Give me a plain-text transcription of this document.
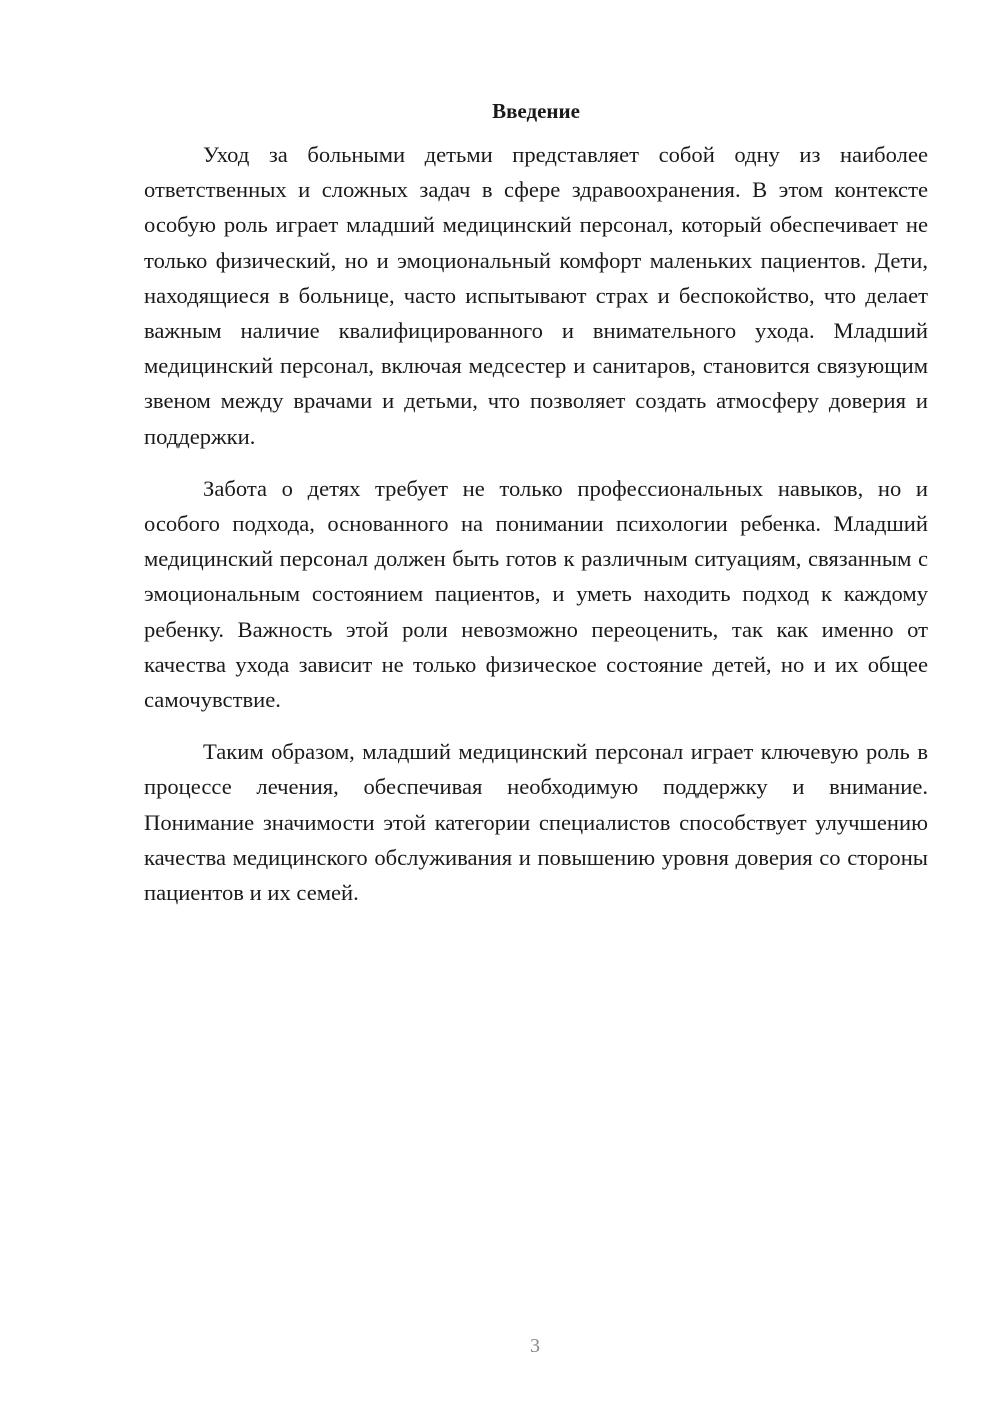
Введение

Уход за больными детьми представляет собой одну из наиболее ответственных и сложных задач в сфере здравоохранения. В этом контексте особую роль играет младший медицинский персонал, который обеспечивает не только физический, но и эмоциональный комфорт маленьких пациентов. Дети, находящиеся в больнице, часто испытывают страх и беспокойство, что делает важным наличие квалифицированного и внимательного ухода. Младший медицинский персонал, включая медсестер и санитаров, становится связующим звеном между врачами и детьми, что позволяет создать атмосферу доверия и поддержки.

Забота о детях требует не только профессиональных навыков, но и особого подхода, основанного на понимании психологии ребенка. Младший медицинский персонал должен быть готов к различным ситуациям, связанным с эмоциональным состоянием пациентов, и уметь находить подход к каждому ребенку. Важность этой роли невозможно переоценить, так как именно от качества ухода зависит не только физическое состояние детей, но и их общее самочувствие.

Таким образом, младший медицинский персонал играет ключевую роль в процессе лечения, обеспечивая необходимую поддержку и внимание. Понимание значимости этой категории специалистов способствует улучшению качества медицинского обслуживания и повышению уровня доверия со стороны пациентов и их семей.

3
